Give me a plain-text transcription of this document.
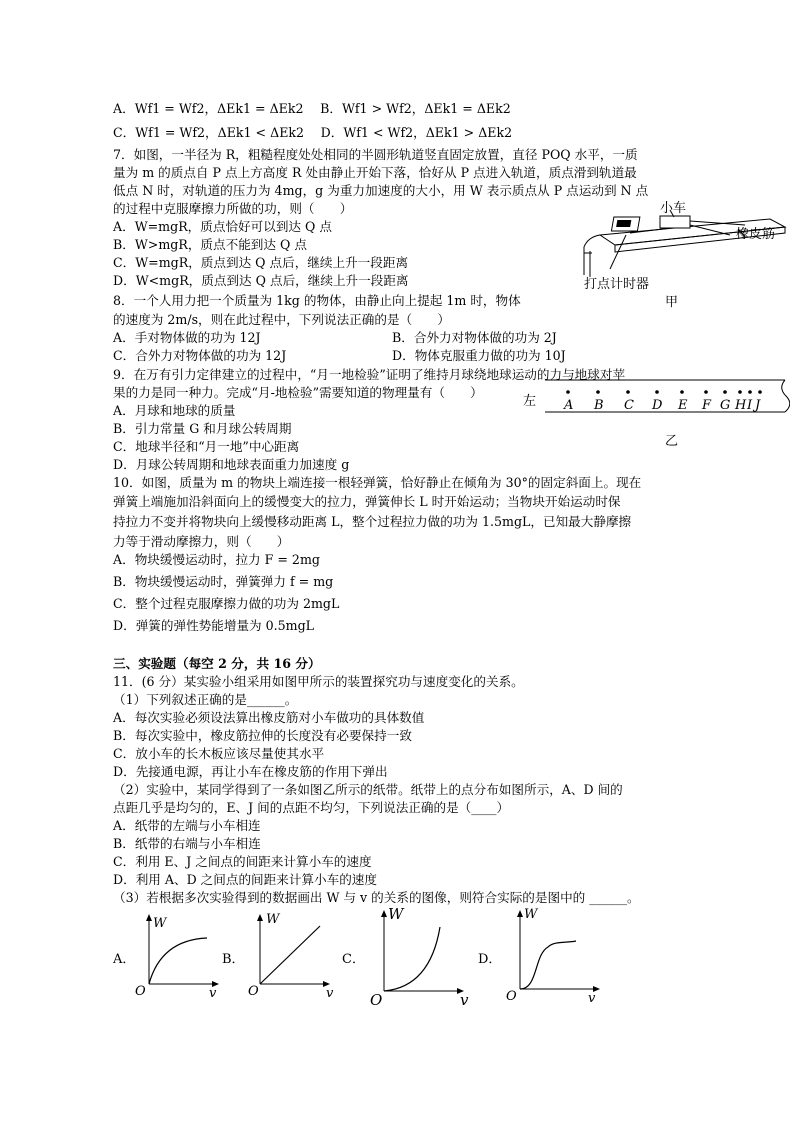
A．Wf1 = Wf2，ΔEk1 = ΔEk2　 B．Wf1 > Wf2，ΔEk1 = ΔEk2
C．Wf1 = Wf2，ΔEk1 < ΔEk2　 D．Wf1 < Wf2，ΔEk1 > ΔEk2
7．如图，一半径为 R，粗糙程度处处相同的半圆形轨道竖直固定放置，直径 POQ 水平，一质
量为 m 的质点自 P 点上方高度 R 处由静止开始下落，恰好从 P 点进入轨道，质点滑到轨道最
低点 N 时，对轨道的压力为 4mg，g 为重力加速度的大小，用 W 表示质点从 P 点运动到 N 点
的过程中克服摩擦力所做的功，则（　　）
A．W=mgR，质点恰好可以到达 Q 点
B．W>mgR，质点不能到达 Q 点
C．W=mgR，质点到达 Q 点后，继续上升一段距离
D．W<mgR，质点到达 Q 点后，继续上升一段距离
8．一个人用力把一个质量为 1kg 的物体，由静止向上提起 1m 时，物体
的速度为 2m/s，则在此过程中，下列说法正确的是（　　）
A．手对物体做的功为 12J	B．合外力对物体做的功为 2J
C．合外力对物体做的功为 12J	D．物体克服重力做的功为 10J
9．在万有引力定律建立的过程中，“月一地检验”证明了维持月球绕地球运动的力与地球对苹
果的力是同一种力。完成“月-地检验”需要知道的物理量有（　　）
A．月球和地球的质量
B．引力常量 G 和月球公转周期
C．地球半径和“月一地”中心距离
D．月球公转周期和地球表面重力加速度 g
10．如图，质量为 m 的物块上端连接一根轻弹簧，恰好静止在倾角为 30°的固定斜面上。现在
弹簧上端施加沿斜面向上的缓慢变大的拉力，弹簧伸长 L 时开始运动；当物块开始运动时保
持拉力不变并将物块向上缓慢移动距离 L，整个过程拉力做的功为 1.5mgL，已知最大静摩擦
力等于滑动摩擦力，则（　　）
A．物块缓慢运动时，拉力 F = 2mg
B．物块缓慢运动时，弹簧弹力 f = mg
C．整个过程克服摩擦力做的功为 2mgL
D．弹簧的弹性势能增量为 0.5mgL
三、实验题（每空 2 分，共 16 分）
11．(6 分）某实验小组采用如图甲所示的装置探究功与速度变化的关系。
（1）下列叙述正确的是______。
A．每次实验必须设法算出橡皮筋对小车做功的具体数值
B．每次实验中，橡皮筋拉伸的长度没有必要保持一致
C．放小车的长木板应该尽量使其水平
D．先接通电源，再让小车在橡皮筋的作用下弹出
（2）实验中，某同学得到了一条如图乙所示的纸带。纸带上的点分布如图所示，A、D 间的
点距几乎是均匀的，E、J 间的点距不均匀，下列说法正确的是（____）
A．纸带的左端与小车相连
B．纸带的右端与小车相连
C．利用 E、J 之间点的间距来计算小车的速度
D．利用 A、D 之间点的间距来计算小车的速度
（3）若根据多次实验得到的数据画出 W 与 v 的关系的图像，则符合实际的是图中的 ______。
小车
橡皮筋
打点计时器
甲
左 A B C D E F G H I J
乙
A．
W
O	v
B．
W
O	v
C．
W
O	v
D．
W
O	v
